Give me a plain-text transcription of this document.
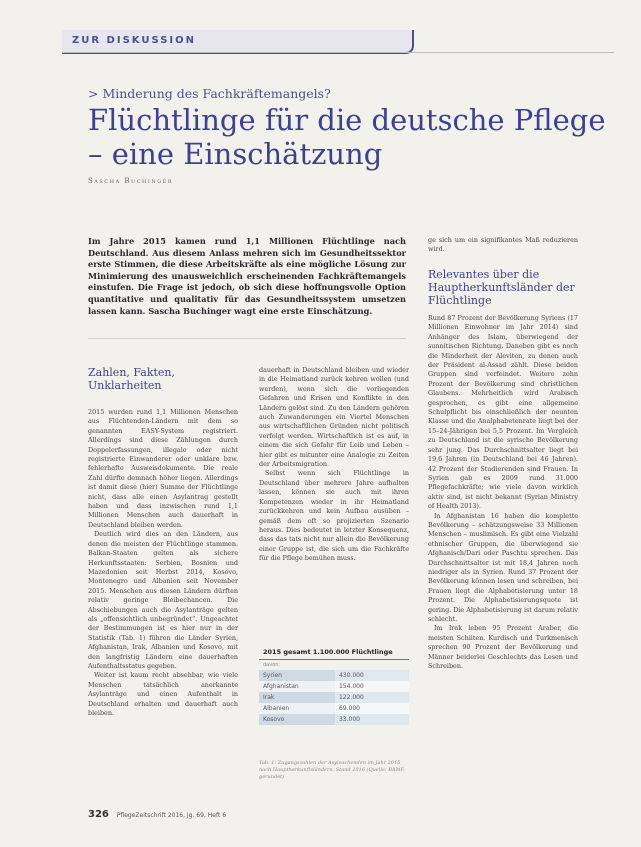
ZUR DISKUSSION
> Minderung des Fachkräftemangels?
Flüchtlinge für die deutsche Pflege – eine Einschätzung
Sascha Buchinger
Im Jahre 2015 kamen rund 1,1 Millionen Flüchtlinge nach Deutschland. Aus diesem Anlass mehren sich im Gesundheitssektor erste Stimmen, die diese Arbeitskräfte als eine mögliche Lösung zur Minimierung des unausweichlich erscheinenden Fachkräftemangels einstufen. Die Frage ist jedoch, ob sich diese hoffnungsvolle Option quantitative und qualitativ für das Gesundheitssystem umsetzen lassen kann. Sascha Buchinger wagt eine erste Einschätzung.
Zahlen, Fakten, Unklarheiten

2015 wurden rund 1,1 Millionen Menschen aus Flüchtenden-Ländern mit dem so genannten EASY-System registriert. Allerdings sind diese Zählungen durch Doppelerfassungen, illegale oder nicht registrierte Einwanderer oder unklare bzw. fehlerhafte Ausweisdokumente. Die reale Zahl dürfte demnach höher liegen. Allerdings ist damit diese (hier) Summe der Flüchtlinge nicht, dass alle einen Asylantrag gestellt haben und dass inzwischen rund 1,1 Millionen Menschen auch dauerhaft in Deutschland bleiben werden.

Deutlich wird dies an den Ländern, aus denen die meisten der Flüchtlinge stammen. Balkan-Staaten gelten als sichere Herkunftsstaaten: Serbien, Bosnien und Mazedonien seit Herbst 2014, Kosovo, Montenegro und Albanien seit November 2015. Menschen aus diesen Ländern dürften relativ geringe Bleibechancen. Die Abschiebungen auch die Asylanträge gelten als „offensichtlich unbegründet“. Ungeachtet der Bestimmungen ist es hier nur in der Statistik (Tab. 1) führen die Länder Syrien, Afghanistan, Irak, Albanien und Kosovo, mit den langfristig Ländern eine dauerhaften Aufenthaltsstatus gegeben.

Weiter ist kaum recht absehbar, wie viele Menschen tatsächlich anerkannte Asylanträge und einen Aufenthalt in Deutschland erhalten und dauerhaft auch bleiben.

dauerhaft in Deutschland bleiben und wieder in die Heimatland zurück kehren wollen (und werden), wenn sich die vorliegenden Gefahren und Krisen und Konflikte in den Ländern gelöst sind. Zu den Ländern gehören auch Zuwanderungen ein Viertel Menschen aus wirtschaftlichen Gründen nicht politisch verfolgt werden. Wirtschaftlich ist es auf, in einem die sich Gefahr für Leib und Leben – hier gibt es mitunter eine Analogie zu Zeiten der Arbeitsmigration.

Selbst wenn sich Flüchtlinge in Deutschland über mehrere Jahre aufhalten lassen, können sie auch mit ihren Kompetenzen wieder in ihr Heimatland zurückkehren und kein Aufbau ausüben – gemäß dem oft so projizierten Szenario heraus. Dies bedeutet in letzter Konsequenz, dass das tats nicht nur allein die Bevölkerung einer Gruppe ist, die sich um die Fachkräfte für die Pflege bemühen muss.

2015 gesamt 1.100.000 Flüchtlinge
davon:
Syrien	430.000
Afghanistan	154.000
Irak	122.000
Albanien	69.000
Kosovo	33.000
Tab. 1: Zugangszahlen der Asylsuchenden im Jahr 2015 nach Hauptherkunftsländern, Stand 2016 (Quelle: BAMF, gerundet)

ge sich um ein signifikantes Maß reduzieren wird.

Relevantes über die Hauptherkunftsländer der Flüchtlinge

Rund 87 Prozent der Bevölkerung Syriens (17 Millionen Einwohner im Jahr 2014) sind Anhänger des Islam, überwiegend der sunnitischen Richtung. Daneben gibt es noch die Minderheit der Aleviten, zu denen auch der Präsident al-Assad zählt. Diese beiden Gruppen sind verfeindet. Weitere zehn Prozent der Bevölkerung sind christlichen Glaubens. Mehrheitlich wird Arabisch gesprochen, es gibt eine allgemeine Schulpflicht bis einschließlich der neunten Klasse und die Analphabetenrate liegt bei der 15–24-Jährigen bei 5,5 Prozent. Im Vergleich zu Deutschland ist die syrische Bevölkerung sehr jung. Das Durchschnittsalter liegt bei 19,6 Jahren (in Deutschland bei 46 Jahren). 42 Prozent der Studierenden sind Frauen. In Syrien gab es 2009 rund 31.000 Pflegefachkräfte; wie viele davon wirklich aktiv sind, ist nicht bekannt (Syrian Ministry of Health 2013).

In Afghanistan 16 haben die komplette Bevölkerung – schätzungsweise 33 Millionen Menschen – muslimisch. Es gibt eine Vielzahl ethnischer Gruppen, die überwiegend sie Afghanisch/Dari oder Paschtu sprechen. Das Durchschnittsalter ist mit 18,4 Jahren noch niedriger als in Syrien. Rund 37 Prozent der Bevölkerung können lesen und schreiben, bei Frauen liegt die Alphabetisierung unter 18 Prozent. Die Alphabetisierungsquote ist gering. Die Alphabetisierung ist darum relativ schlecht.

Im Irak leben 95 Prozent Araber, die meisten Schiiten. Kurdisch und Turkmenisch sprechen 90 Prozent der Bevölkerung und Männer beiderlei Geschlechts das Lesen und Schreiben.

326 PflegeZeitschrift 2016, Jg. 69, Heft 6
